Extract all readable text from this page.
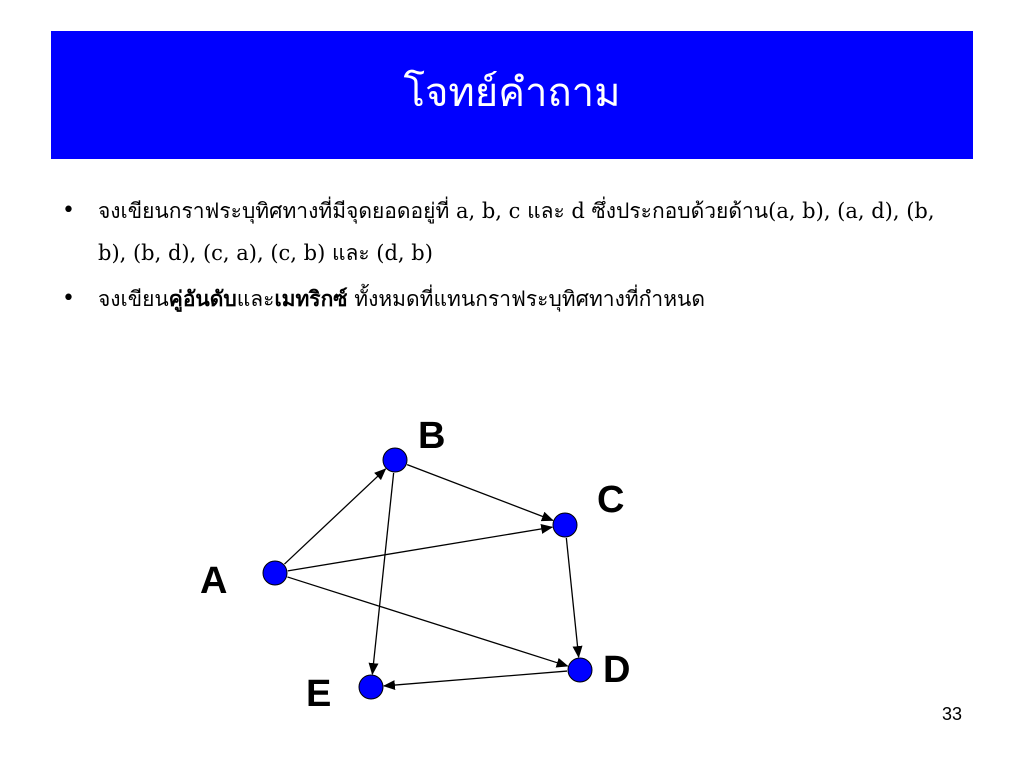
โจทย์คำถาม
• จงเขียนกราฟระบุทิศทางที่มีจุดยอดอยู่ที่ a, b, c และ d ซึ่งประกอบด้วยด้าน(a, b), (a, d), (b, b), (b, d), (c, a), (c, b) และ (d, b)
• จงเขียนคู่อันดับและเมทริกซ์ ทั้งหมดที่แทนกราฟระบุทิศทางที่กำหนด
A
B
C
D
E	33
